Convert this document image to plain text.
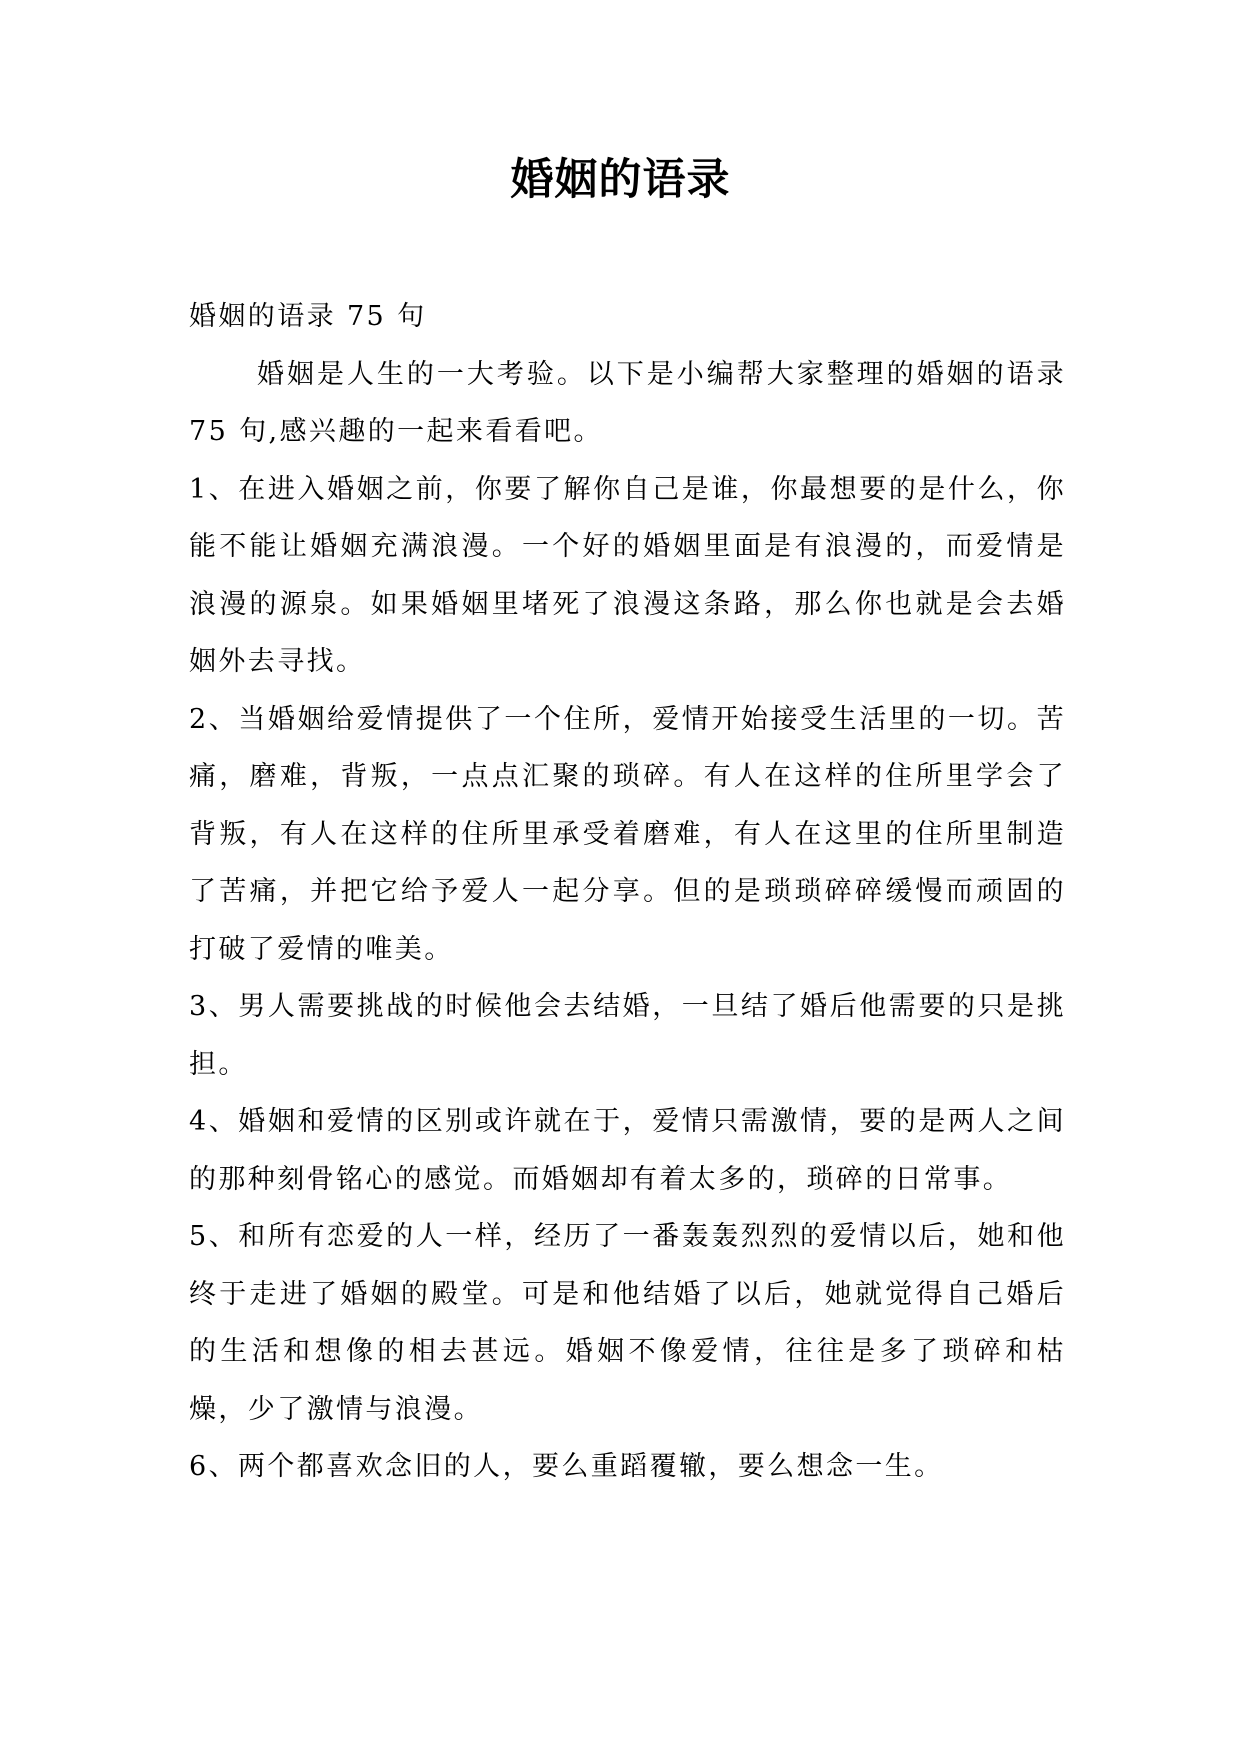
婚姻的语录

婚姻的语录 75 句

婚姻是人生的一大考验。以下是小编帮大家整理的婚姻的语录 75 句,感兴趣的一起来看看吧。

1、在进入婚姻之前，你要了解你自己是谁，你最想要的是什么，你能不能让婚姻充满浪漫。一个好的婚姻里面是有浪漫的，而爱情是浪漫的源泉。如果婚姻里堵死了浪漫这条路，那么你也就是会去婚姻外去寻找。

2、当婚姻给爱情提供了一个住所，爱情开始接受生活里的一切。苦痛，磨难，背叛，一点点汇聚的琐碎。有人在这样的住所里学会了背叛，有人在这样的住所里承受着磨难，有人在这里的住所里制造了苦痛，并把它给予爱人一起分享。但的是琐琐碎碎缓慢而顽固的打破了爱情的唯美。

3、男人需要挑战的时候他会去结婚，一旦结了婚后他需要的只是挑担。

4、婚姻和爱情的区别或许就在于，爱情只需激情，要的是两人之间的那种刻骨铭心的感觉。而婚姻却有着太多的，琐碎的日常事。

5、和所有恋爱的人一样，经历了一番轰轰烈烈的爱情以后，她和他终于走进了婚姻的殿堂。可是和他结婚了以后，她就觉得自己婚后的生活和想像的相去甚远。婚姻不像爱情，往往是多了琐碎和枯燥，少了激情与浪漫。

6、两个都喜欢念旧的人，要么重蹈覆辙，要么想念一生。
